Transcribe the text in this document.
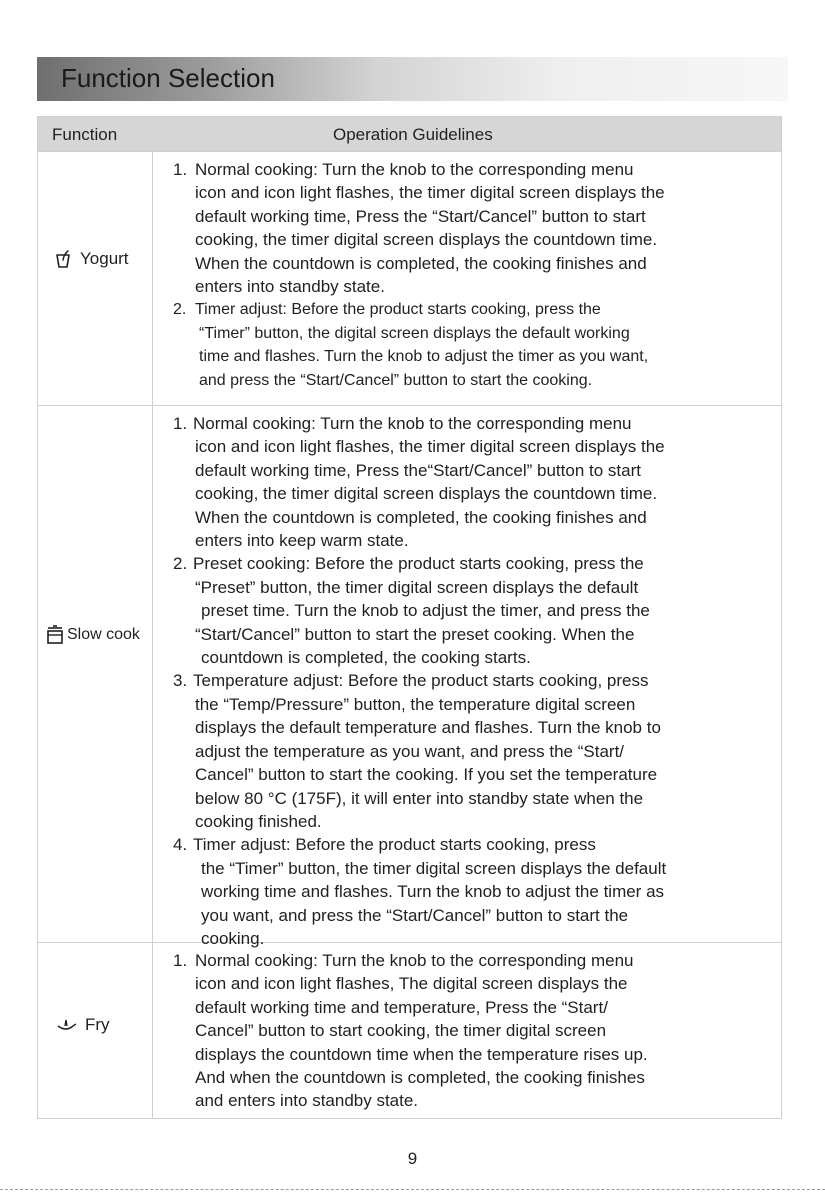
Function Selection
Function	Operation Guidelines
Yogurt
1. Normal cooking: Turn the knob to the corresponding menu
icon and icon light flashes, the timer digital screen displays the
default working time, Press the “Start/Cancel” button to start
cooking, the timer digital screen displays the countdown time.
When the countdown is completed, the cooking finishes and
enters into standby state.
2. Timer adjust: Before the product starts cooking, press the
“Timer” button, the digital screen displays the default working
time and flashes. Turn the knob to adjust the timer as you want,
and press the “Start/Cancel” button to start the cooking.
Slow cook
1. Normal cooking: Turn the knob to the corresponding menu
icon and icon light flashes, the timer digital screen displays the
default working time, Press the“Start/Cancel” button to start
cooking, the timer digital screen displays the countdown time.
When the countdown is completed, the cooking finishes and
enters into keep warm state.
2. Preset cooking: Before the product starts cooking, press the
“Preset” button, the timer digital screen displays the default
preset time. Turn the knob to adjust the timer, and press the
“Start/Cancel” button to start the preset cooking. When the
countdown is completed, the cooking starts.
3. Temperature adjust: Before the product starts cooking, press
the “Temp/Pressure” button, the temperature digital screen
displays the default temperature and flashes. Turn the knob to
adjust the temperature as you want, and press the “Start/
Cancel” button to start the cooking. If you set the temperature
below 80 °C (175F), it will enter into standby state when the
cooking finished.
4. Timer adjust: Before the product starts cooking, press
the “Timer” button, the timer digital screen displays the default
working time and flashes. Turn the knob to adjust the timer as
you want, and press the “Start/Cancel” button to start the
cooking.
Fry
1. Normal cooking: Turn the knob to the corresponding menu
icon and icon light flashes, The digital screen displays the
default working time and temperature, Press the “Start/
Cancel” button to start cooking, the timer digital screen
displays the countdown time when the temperature rises up.
And when the countdown is completed, the cooking finishes
and enters into standby state.
9
